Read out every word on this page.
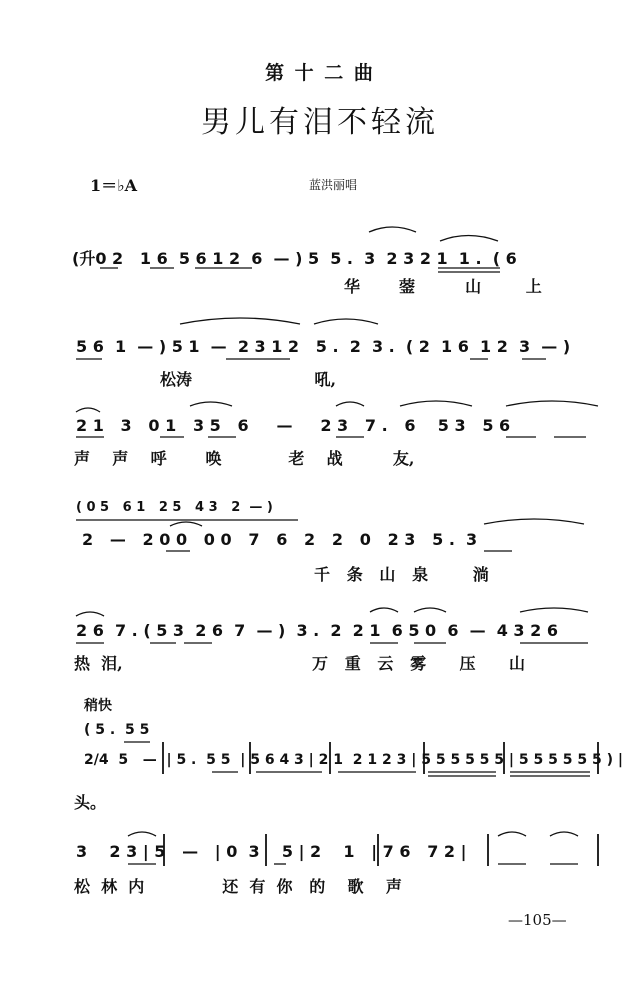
第 十 二 曲
男儿有泪不轻流
1＝♭A	蓝洪丽唱
(升0 2   1 6  5 6 1 2  6  — ) 5  5 .  3  2 3 2 1  1 .  ( 6
华       蓥         山        上
5 6  1  — ) 5 1  —  2 3 1 2   5 .  2  3 .  ( 2  1 6  1 2  3  — )
松涛                      吼,
2 1   3   0 1   3 5   6     —     2 3   7 .   6    5 3   5 6
声    声    呼       唤            老    战         友,
( 0 5   6 1   2 5   4 3   2  — )
2   —   2 0 0   0 0   7   6   2   2   0   2 3   5 .  3
千   条   山   泉        淌
2 6  7 . ( 5 3  2 6  7  — )  3 .  2  2 1  6 5 0  6  —  4 3 2 6
热  泪,	万   重   云   雾      压      山
稍快
( 5 .  5 5
2/4  5   —  | 5 .  5 5  | 5 6 4 3 | 2 1  2 1 2 3 | 5 5 5 5 5 5 | 5 5 5 5 5 5 ) |
头。
3    2 3 | 5   —   | 0  3    5 | 2    1   | 7 6   7 2 |
松  林  内              还  有  你   的    歌    声
—105—
